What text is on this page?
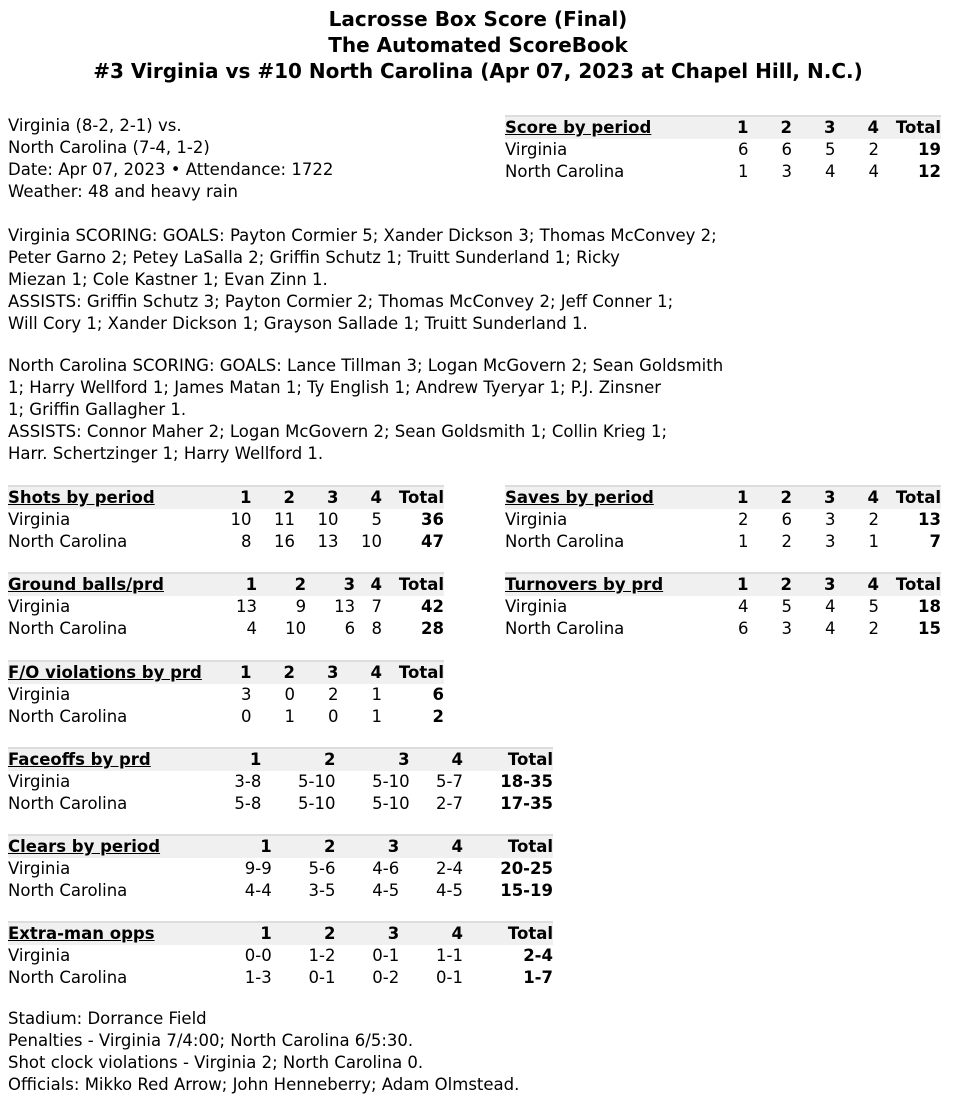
Lacrosse Box Score (Final)
The Automated ScoreBook
#3 Virginia vs #10 North Carolina (Apr 07, 2023 at Chapel Hill, N.C.)
Virginia (8-2, 2-1) vs.
North Carolina (7-4, 1-2)
Date: Apr 07, 2023 • Attendance: 1722
Weather: 48 and heavy rain
Score by period	1	2	3	4	Total
Virginia	6	6	5	2	19
North Carolina	1	3	4	4	12
Virginia SCORING: GOALS: Payton Cormier 5; Xander Dickson 3; Thomas McConvey 2;
Peter Garno 2; Petey LaSalla 2; Griffin Schutz 1; Truitt Sunderland 1; Ricky
Miezan 1; Cole Kastner 1; Evan Zinn 1.
ASSISTS: Griffin Schutz 3; Payton Cormier 2; Thomas McConvey 2; Jeff Conner 1;
Will Cory 1; Xander Dickson 1; Grayson Sallade 1; Truitt Sunderland 1.
North Carolina SCORING: GOALS: Lance Tillman 3; Logan McGovern 2; Sean Goldsmith
1; Harry Wellford 1; James Matan 1; Ty English 1; Andrew Tyeryar 1; P.J. Zinsner
1; Griffin Gallagher 1.
ASSISTS: Connor Maher 2; Logan McGovern 2; Sean Goldsmith 1; Collin Krieg 1;
Harr. Schertzinger 1; Harry Wellford 1.
Shots by period	1	2	3	4	Total
Virginia	10	11	10	5	36
North Carolina	8	16	13	10	47
Saves by period	1	2	3	4	Total
Virginia	2	6	3	2	13
North Carolina	1	2	3	1	7
Ground balls/prd	1	2	3	4	Total
Virginia	13	9	13	7	42
North Carolina	4	10	6	8	28
Turnovers by prd	1	2	3	4	Total
Virginia	4	5	4	5	18
North Carolina	6	3	4	2	15
F/O violations by prd	1	2	3	4	Total
Virginia	3	0	2	1	6
North Carolina	0	1	0	1	2
Faceoffs by prd	1	2	3	4	Total
Virginia	3-8	5-10	5-10	5-7	18-35
North Carolina	5-8	5-10	5-10	2-7	17-35
Clears by period	1	2	3	4	Total
Virginia	9-9	5-6	4-6	2-4	20-25
North Carolina	4-4	3-5	4-5	4-5	15-19
Extra-man opps	1	2	3	4	Total
Virginia	0-0	1-2	0-1	1-1	2-4
North Carolina	1-3	0-1	0-2	0-1	1-7
Stadium: Dorrance Field
Penalties - Virginia 7/4:00; North Carolina 6/5:30.
Shot clock violations - Virginia 2; North Carolina 0.
Officials: Mikko Red Arrow; John Henneberry; Adam Olmstead.
